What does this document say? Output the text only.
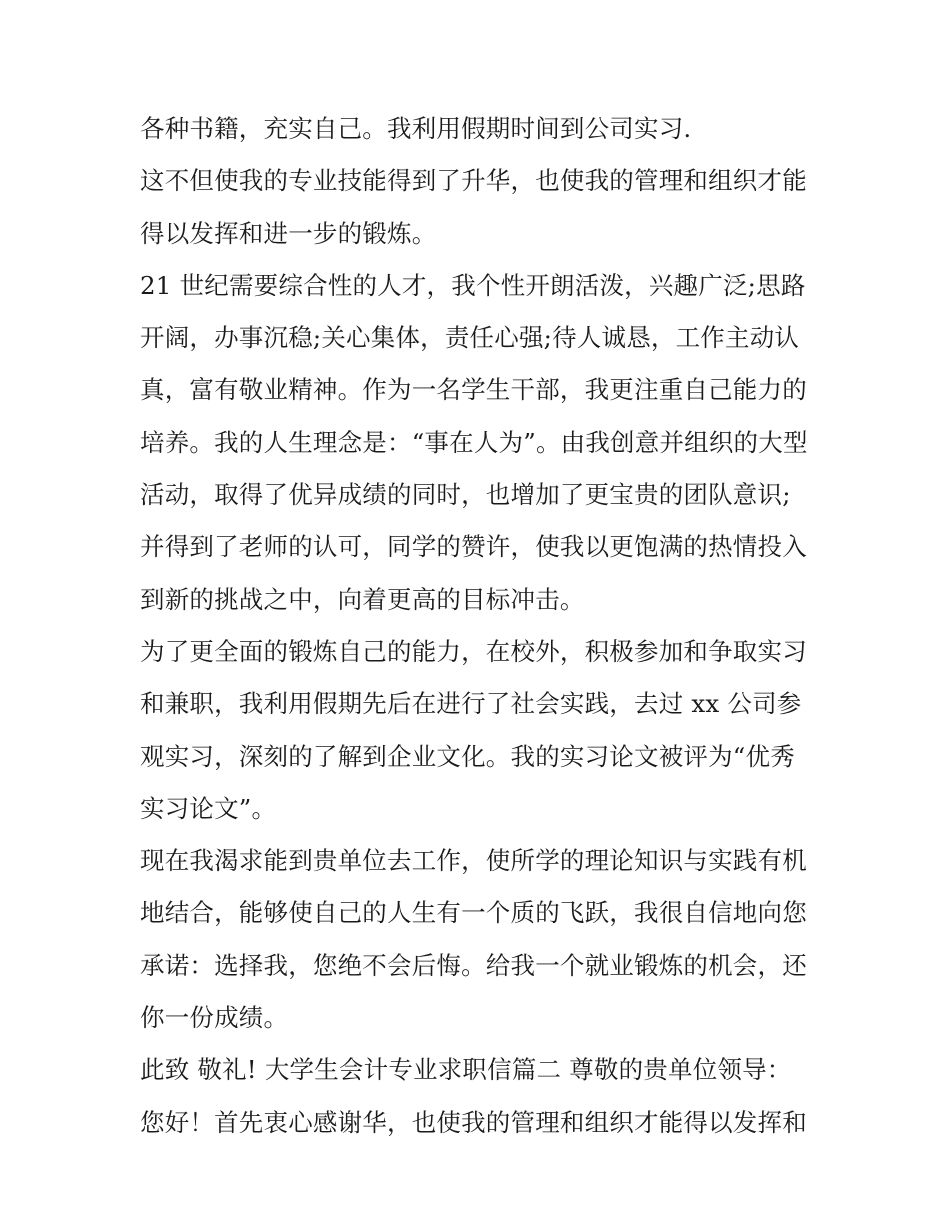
各种书籍，充实自己。我利用假期时间到公司实习.
这不但使我的专业技能得到了升华，也使我的管理和组织才能
得以发挥和进一步的锻炼。
21 世纪需要综合性的人才，我个性开朗活泼，兴趣广泛;思路
开阔，办事沉稳;关心集体，责任心强;待人诚恳，工作主动认
真，富有敬业精神。作为一名学生干部，我更注重自己能力的
培养。我的人生理念是：“事在人为”。由我创意并组织的大型
活动，取得了优异成绩的同时，也增加了更宝贵的团队意识;
并得到了老师的认可，同学的赞许，使我以更饱满的热情投入
到新的挑战之中，向着更高的目标冲击。
为了更全面的锻炼自己的能力，在校外，积极参加和争取实习
和兼职，我利用假期先后在进行了社会实践，去过 xx 公司参
观实习，深刻的了解到企业文化。我的实习论文被评为“优秀
实习论文”。
现在我渴求能到贵单位去工作，使所学的理论知识与实践有机
地结合，能够使自己的人生有一个质的飞跃，我很自信地向您
承诺：选择我，您绝不会后悔。给我一个就业锻炼的机会，还
你一份成绩。
此致 敬礼! 大学生会计专业求职信篇二 尊敬的贵单位领导：
您好！首先衷心感谢华，也使我的管理和组织才能得以发挥和
